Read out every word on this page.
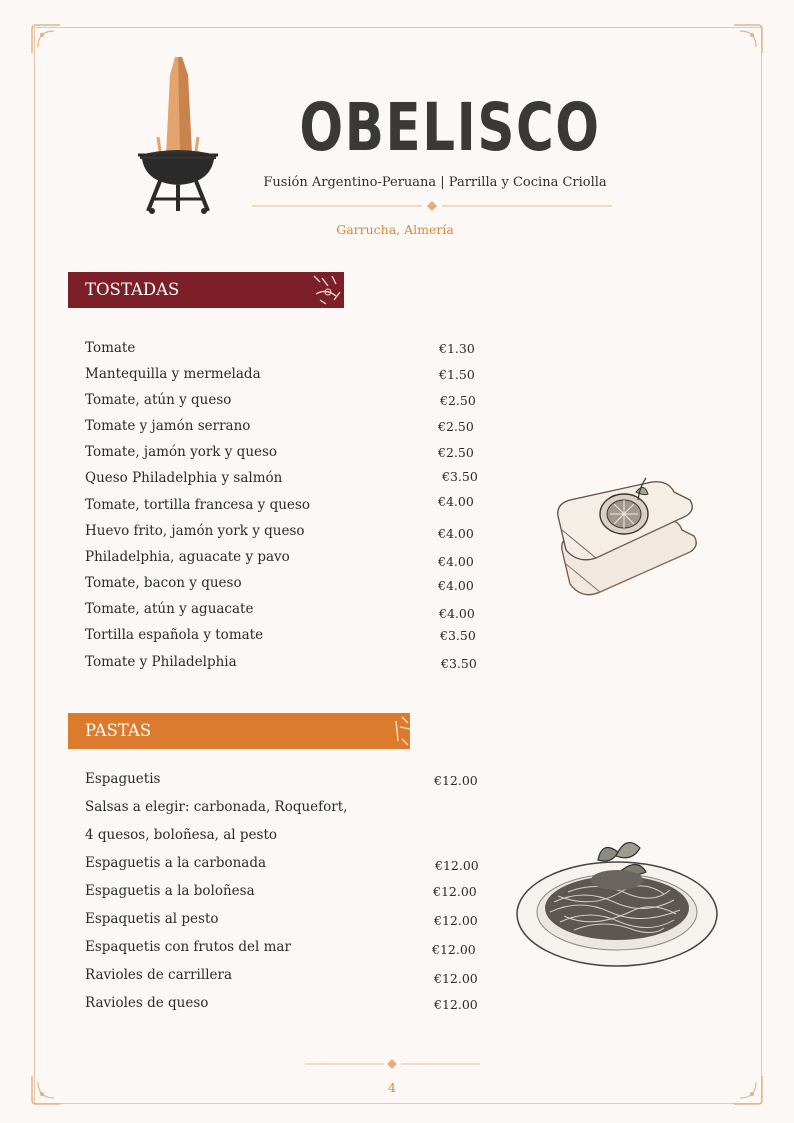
OBELISCO
Fusión Argentino-Peruana | Parrilla y Cocina Criolla
Garrucha, Almería
TOSTADAS
Tomate	€1.30
Mantequilla y mermelada	€1.50
Tomate, atún y queso	€2.50
Tomate y jamón serrano	€2.50
Tomate, jamón york y queso	€2.50
Queso Philadelphia y salmón	€3.50
Tomate, tortilla francesa y queso	€4.00
Huevo frito, jamón york y queso	€4.00
Philadelphia, aguacate y pavo	€4.00
Tomate, bacon y queso	€4.00
Tomate, atún y aguacate	€4.00
Tortilla española y tomate	€3.50
Tomate y Philadelphia	€3.50
PASTAS
Espaguetis	€12.00
Salsas a elegir: carbonada, Roquefort,
4 quesos, boloñesa, al pesto
Espaguetis a la carbonada	€12.00
Espaguetis a la boloñesa	€12.00
Espaquetis al pesto	€12.00
Espaquetis con frutos del mar	€12.00
Ravioles de carrillera	€12.00
Ravioles de queso	€12.00
4
